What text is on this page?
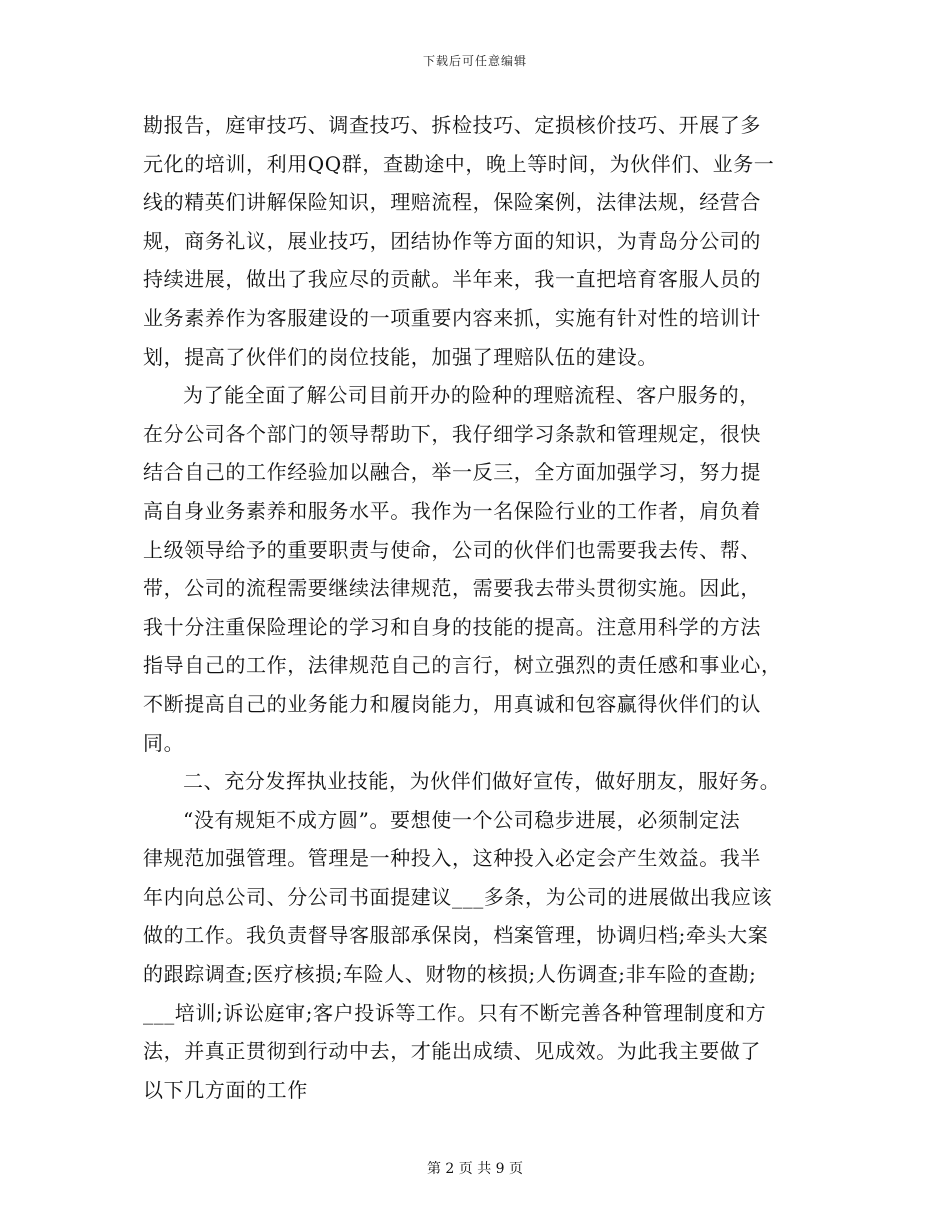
下载后可任意编辑
勘报告，庭审技巧、调查技巧、拆检技巧、定损核价技巧、开展了多
元化的培训，利用QQ群，查勘途中，晚上等时间，为伙伴们、业务一
线的精英们讲解保险知识，理赔流程，保险案例，法律法规，经营合
规，商务礼议，展业技巧，团结协作等方面的知识，为青岛分公司的
持续进展，做出了我应尽的贡献。半年来，我一直把培育客服人员的
业务素养作为客服建设的一项重要内容来抓，实施有针对性的培训计
划，提高了伙伴们的岗位技能，加强了理赔队伍的建设。
为了能全面了解公司目前开办的险种的理赔流程、客户服务的，
在分公司各个部门的领导帮助下，我仔细学习条款和管理规定，很快
结合自己的工作经验加以融合，举一反三，全方面加强学习，努力提
高自身业务素养和服务水平。我作为一名保险行业的工作者，肩负着
上级领导给予的重要职责与使命，公司的伙伴们也需要我去传、帮、
带，公司的流程需要继续法律规范，需要我去带头贯彻实施。因此，
我十分注重保险理论的学习和自身的技能的提高。注意用科学的方法
指导自己的工作，法律规范自己的言行，树立强烈的责任感和事业心，
不断提高自己的业务能力和履岗能力，用真诚和包容赢得伙伴们的认
同。
二、充分发挥执业技能，为伙伴们做好宣传，做好朋友，服好务。
“没有规矩不成方圆”。要想使一个公司稳步进展，必须制定法
律规范加强管理。管理是一种投入，这种投入必定会产生效益。我半
年内向总公司、分公司书面提建议___多条，为公司的进展做出我应该
做的工作。我负责督导客服部承保岗，档案管理，协调归档;牵头大案
的跟踪调查;医疗核损;车险人、财物的核损;人伤调查;非车险的查勘;
___培训;诉讼庭审;客户投诉等工作。只有不断完善各种管理制度和方
法，并真正贯彻到行动中去，才能出成绩、见成效。为此我主要做了
以下几方面的工作
第 2 页 共 9 页
